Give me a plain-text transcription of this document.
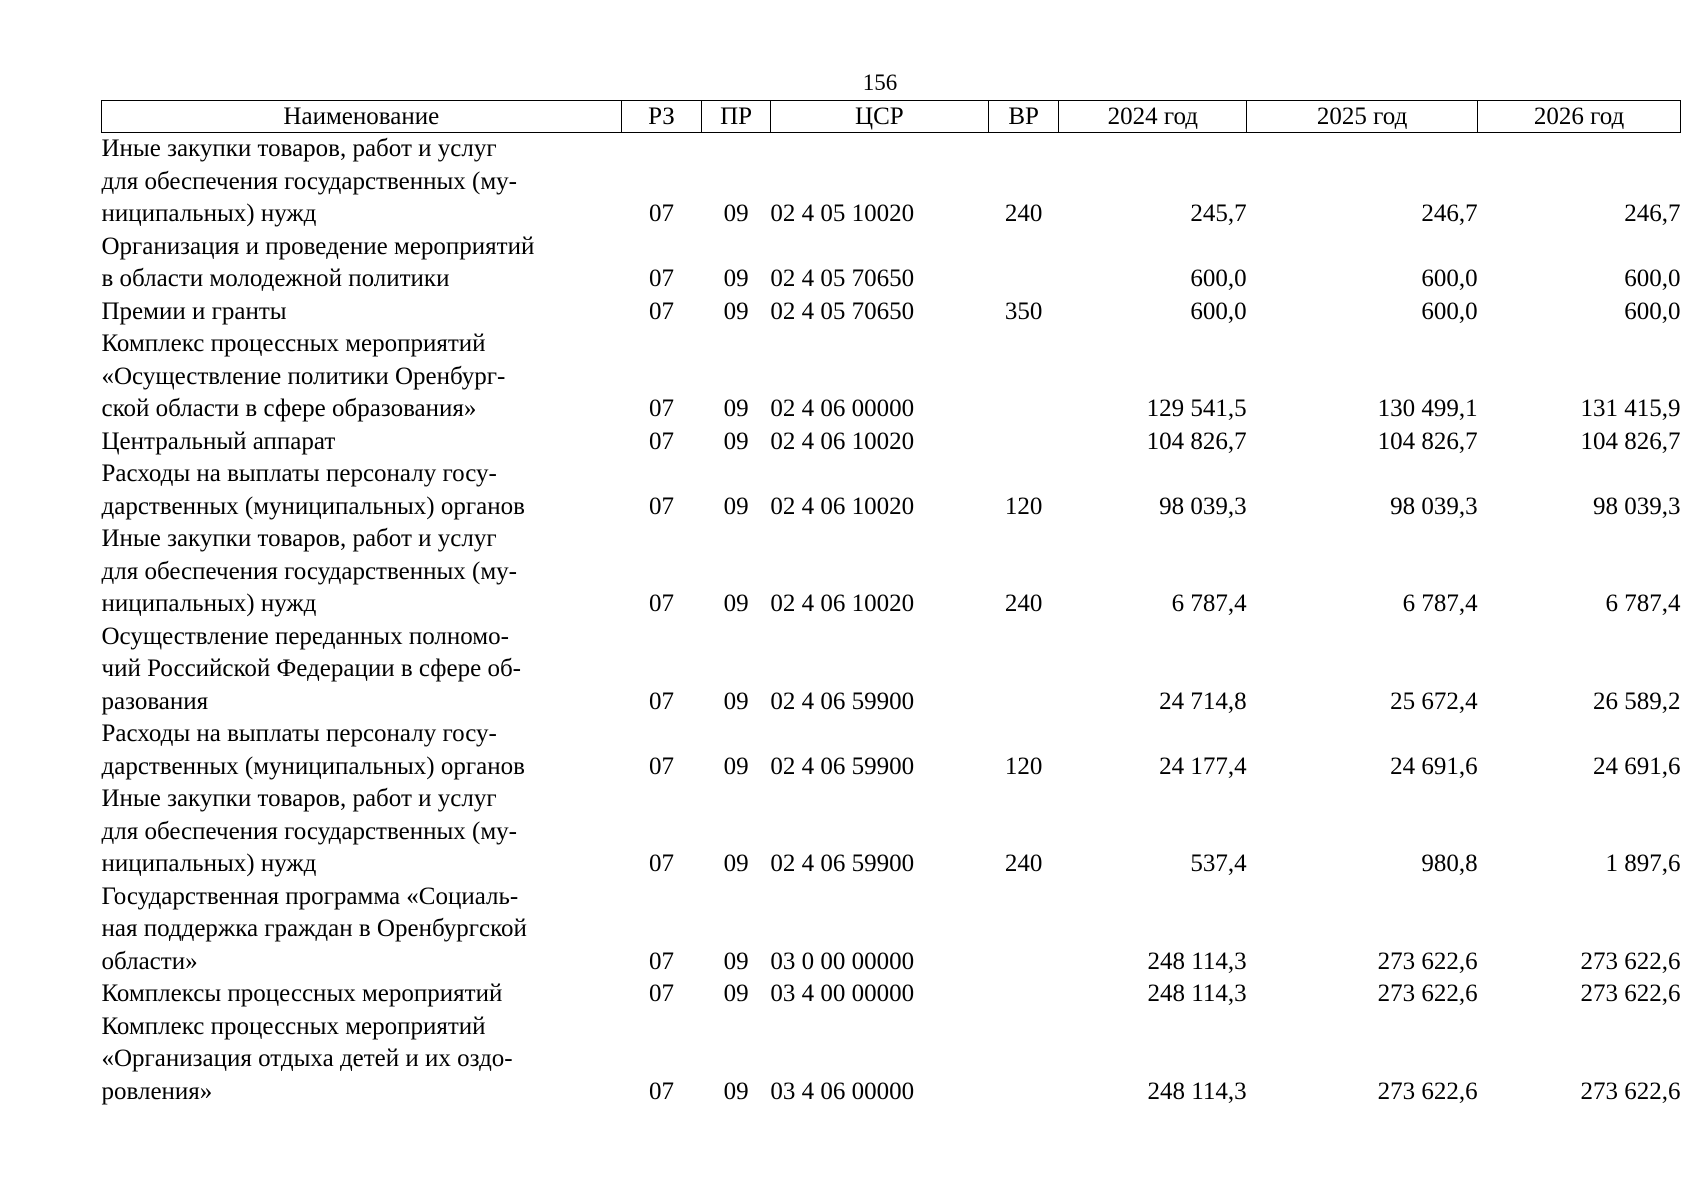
156
Наименование	РЗ	ПР	ЦСР	ВР	2024 год	2025 год	2026 год

Иные закупки товаров, работ и услуг
для обеспечения государственных (му-
ниципальных) нужд	07	09	02 4 05 10020	240	245,7	246,7	246,7

Организация и проведение мероприятий
в области молодежной политики	07	09	02 4 05 70650		600,0	600,0	600,0

Премии и гранты	07	09	02 4 05 70650	350	600,0	600,0	600,0

Комплекс процессных мероприятий
«Осуществление политики Оренбург-
ской области в сфере образования»	07	09	02 4 06 00000		129 541,5	130 499,1	131 415,9

Центральный аппарат	07	09	02 4 06 10020		104 826,7	104 826,7	104 826,7

Расходы на выплаты персоналу госу-
дарственных (муниципальных) органов	07	09	02 4 06 10020	120	98 039,3	98 039,3	98 039,3

Иные закупки товаров, работ и услуг
для обеспечения государственных (му-
ниципальных) нужд	07	09	02 4 06 10020	240	6 787,4	6 787,4	6 787,4

Осуществление переданных полномо-
чий Российской Федерации в сфере об-
разования	07	09	02 4 06 59900		24 714,8	25 672,4	26 589,2

Расходы на выплаты персоналу госу-
дарственных (муниципальных) органов	07	09	02 4 06 59900	120	24 177,4	24 691,6	24 691,6

Иные закупки товаров, работ и услуг
для обеспечения государственных (му-
ниципальных) нужд	07	09	02 4 06 59900	240	537,4	980,8	1 897,6

Государственная программа «Социаль-
ная поддержка граждан в Оренбургской
области»	07	09	03 0 00 00000		248 114,3	273 622,6	273 622,6

Комплексы процессных мероприятий	07	09	03 4 00 00000		248 114,3	273 622,6	273 622,6

Комплекс процессных мероприятий
«Организация отдыха детей и их оздо-
ровления»	07	09	03 4 06 00000		248 114,3	273 622,6	273 622,6
